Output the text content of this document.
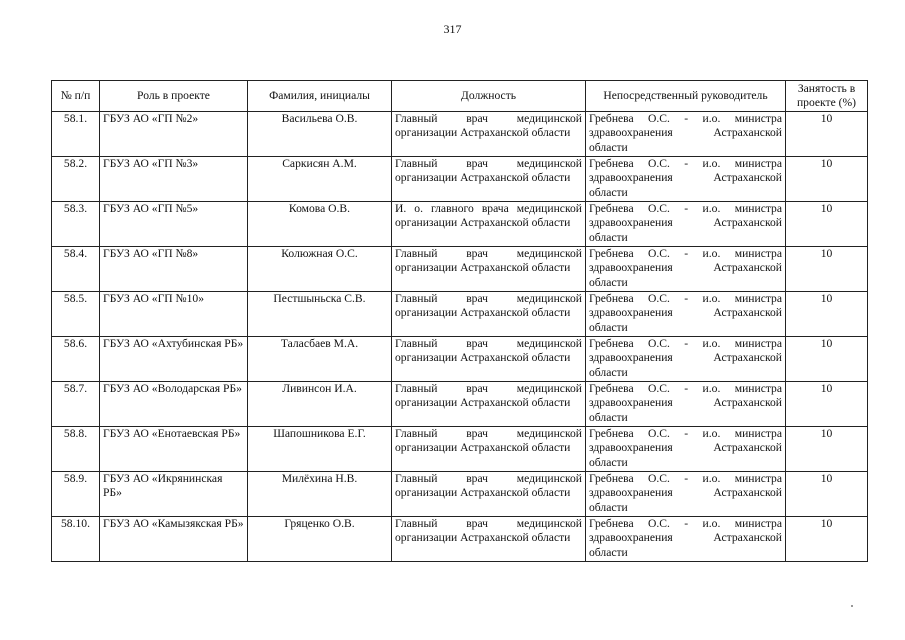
317
№ п/п	Роль в проекте	Фамилия, инициалы	Должность	Непосредственный руководитель	Занятость в проекте (%)
58.1.	ГБУЗ АО «ГП №2»	Васильева О.В.	Главный врач медицинской организации Астраханской области	Гребнева О.С. - и.о. министра здравоохранения Астраханской области	10
58.2.	ГБУЗ АО «ГП №3»	Саркисян А.М.	Главный врач медицинской организации Астраханской области	Гребнева О.С. - и.о. министра здравоохранения Астраханской области	10
58.3.	ГБУЗ АО «ГП №5»	Комова О.В.	И. о. главного врача медицинской организации Астраханской области	Гребнева О.С. - и.о. министра здравоохранения Астраханской области	10
58.4.	ГБУЗ АО «ГП №8»	Колюжная О.С.	Главный врач медицинской организации Астраханской области	Гребнева О.С. - и.о. министра здравоохранения Астраханской области	10
58.5.	ГБУЗ АО «ГП №10»	Пестшыньска С.В.	Главный врач медицинской организации Астраханской области	Гребнева О.С. - и.о. министра здравоохранения Астраханской области	10
58.6.	ГБУЗ АО «Ахтубинская РБ»	Таласбаев М.А.	Главный врач медицинской организации Астраханской области	Гребнева О.С. - и.о. министра здравоохранения Астраханской области	10
58.7.	ГБУЗ АО «Володарская РБ»	Ливинсон И.А.	Главный врач медицинской организации Астраханской области	Гребнева О.С. - и.о. министра здравоохранения Астраханской области	10
58.8.	ГБУЗ АО «Енотаевская РБ»	Шапошникова Е.Г.	Главный врач медицинской организации Астраханской области	Гребнева О.С. - и.о. министра здравоохранения Астраханской области	10
58.9.	ГБУЗ АО «Икрянинская РБ»	Милёхина Н.В.	Главный врач медицинской организации Астраханской области	Гребнева О.С. - и.о. министра здравоохранения Астраханской области	10
58.10.	ГБУЗ АО «Камызякская РБ»	Гряценко О.В.	Главный врач медицинской организации Астраханской области	Гребнева О.С. - и.о. министра здравоохранения Астраханской области	10
